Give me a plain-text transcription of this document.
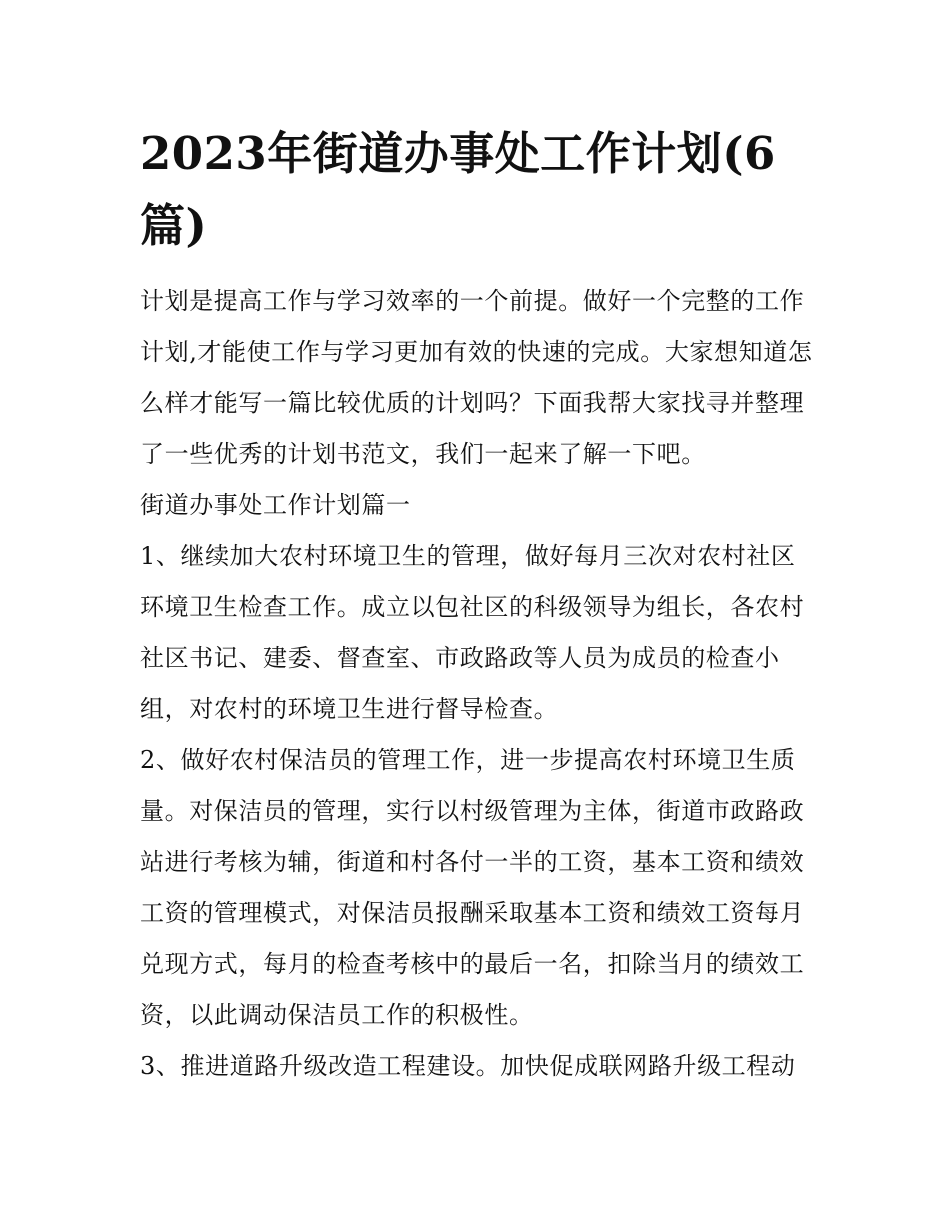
2023年街道办事处工作计划(6篇)

计划是提高工作与学习效率的一个前提。做好一个完整的工作计划,才能使工作与学习更加有效的快速的完成。大家想知道怎么样才能写一篇比较优质的计划吗？下面我帮大家找寻并整理了一些优秀的计划书范文，我们一起来了解一下吧。

街道办事处工作计划篇一

1、继续加大农村环境卫生的管理，做好每月三次对农村社区环境卫生检查工作。成立以包社区的科级领导为组长，各农村社区书记、建委、督查室、市政路政等人员为成员的检查小组，对农村的环境卫生进行督导检查。

2、做好农村保洁员的管理工作，进一步提高农村环境卫生质量。对保洁员的管理，实行以村级管理为主体，街道市政路政站进行考核为辅，街道和村各付一半的工资，基本工资和绩效工资的管理模式，对保洁员报酬采取基本工资和绩效工资每月兑现方式，每月的检查考核中的最后一名，扣除当月的绩效工资，以此调动保洁员工作的积极性。

3、推进道路升级改造工程建设。加快促成联网路升级工程动
